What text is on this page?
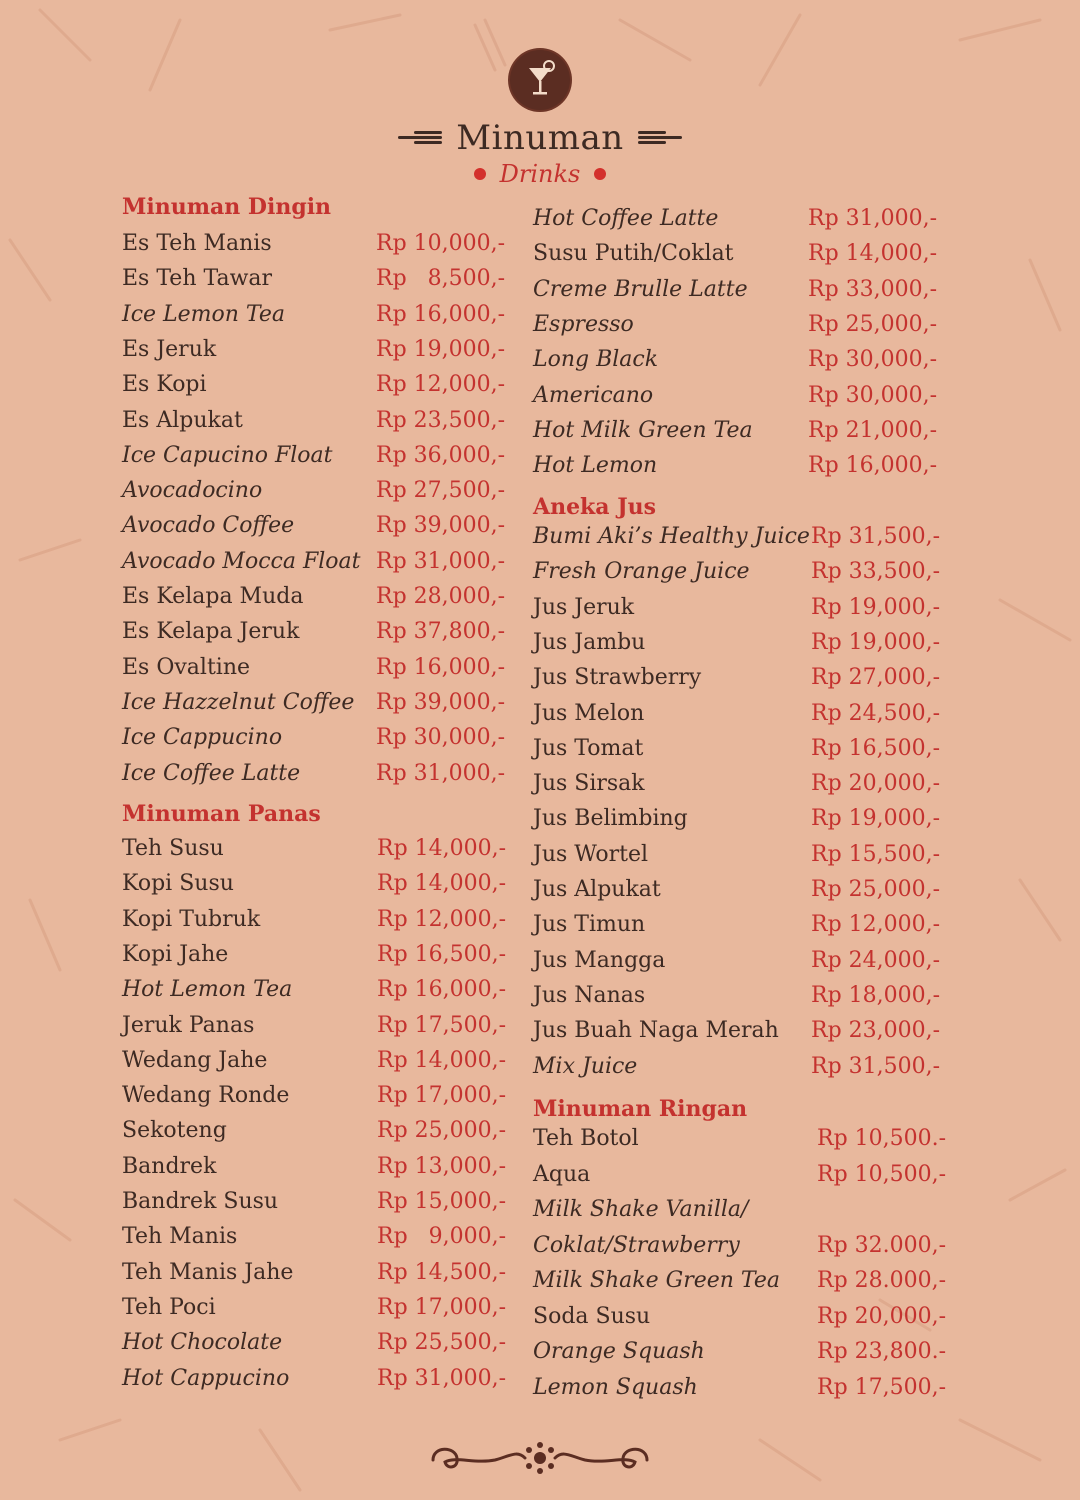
Minuman
Drinks
Minuman Dingin
Es Teh Manis	Rp 10,000,-
Es Teh Tawar	Rp   8,500,-
Ice Lemon Tea	Rp 16,000,-
Es Jeruk	Rp 19,000,-
Es Kopi	Rp 12,000,-
Es Alpukat	Rp 23,500,-
Ice Capucino Float Rp 36,000,-
Avocadocino	Rp 27,500,-
Avocado Coffee	Rp 39,000,-
Avocado Mocca Float Rp 31,000,-
Es Kelapa Muda	Rp 28,000,-
Es Kelapa Jeruk	Rp 37,800,-
Es Ovaltine	Rp 16,000,-
Ice Hazzelnut Coffee Rp 39,000,-
Ice Cappucino	Rp 30,000,-
Ice Coffee Latte	Rp 31,000,-
Minuman Panas
Teh Susu	Rp 14,000,-
Kopi Susu	Rp 14,000,-
Kopi Tubruk	Rp 12,000,-
Kopi Jahe	Rp 16,500,-
Hot Lemon Tea	Rp 16,000,-
Jeruk Panas	Rp 17,500,-
Wedang Jahe	Rp 14,000,-
Wedang Ronde	Rp 17,000,-
Sekoteng	Rp 25,000,-
Bandrek	Rp 13,000,-
Bandrek Susu	Rp 15,000,-
Teh Manis	Rp   9,000,-
Teh Manis Jahe	Rp 14,500,-
Teh Poci	Rp 17,000,-
Hot Chocolate	Rp 25,500,-
Hot Cappucino	Rp 31,000,-
Hot Coffee Latte	Rp 31,000,-
Susu Putih/Coklat	Rp 14,000,-
Creme Brulle Latte	Rp 33,000,-
Espresso	Rp 25,000,-
Long Black	Rp 30,000,-
Americano	Rp 30,000,-
Hot Milk Green Tea	Rp 21,000,-
Hot Lemon	Rp 16,000,-
Aneka Jus
Bumi Aki’s Healthy Juice Rp 31,500,-
Fresh Orange Juice	Rp 33,500,-
Jus Jeruk	Rp 19,000,-
Jus Jambu	Rp 19,000,-
Jus Strawberry	Rp 27,000,-
Jus Melon	Rp 24,500,-
Jus Tomat	Rp 16,500,-
Jus Sirsak	Rp 20,000,-
Jus Belimbing	Rp 19,000,-
Jus Wortel	Rp 15,500,-
Jus Alpukat	Rp 25,000,-
Jus Timun	Rp 12,000,-
Jus Mangga	Rp 24,000,-
Jus Nanas	Rp 18,000,-
Jus Buah Naga Merah Rp 23,000,-
Mix Juice	Rp 31,500,-
Minuman Ringan
Teh Botol	Rp 10,500.-
Aqua	Rp 10,500,-
Milk Shake Vanilla/
Coklat/Strawberry	Rp 32.000,-
Milk Shake Green Tea Rp 28.000,-
Soda Susu	Rp 20,000,-
Orange Squash	Rp 23,800.-
Lemon Squash	Rp 17,500,-
